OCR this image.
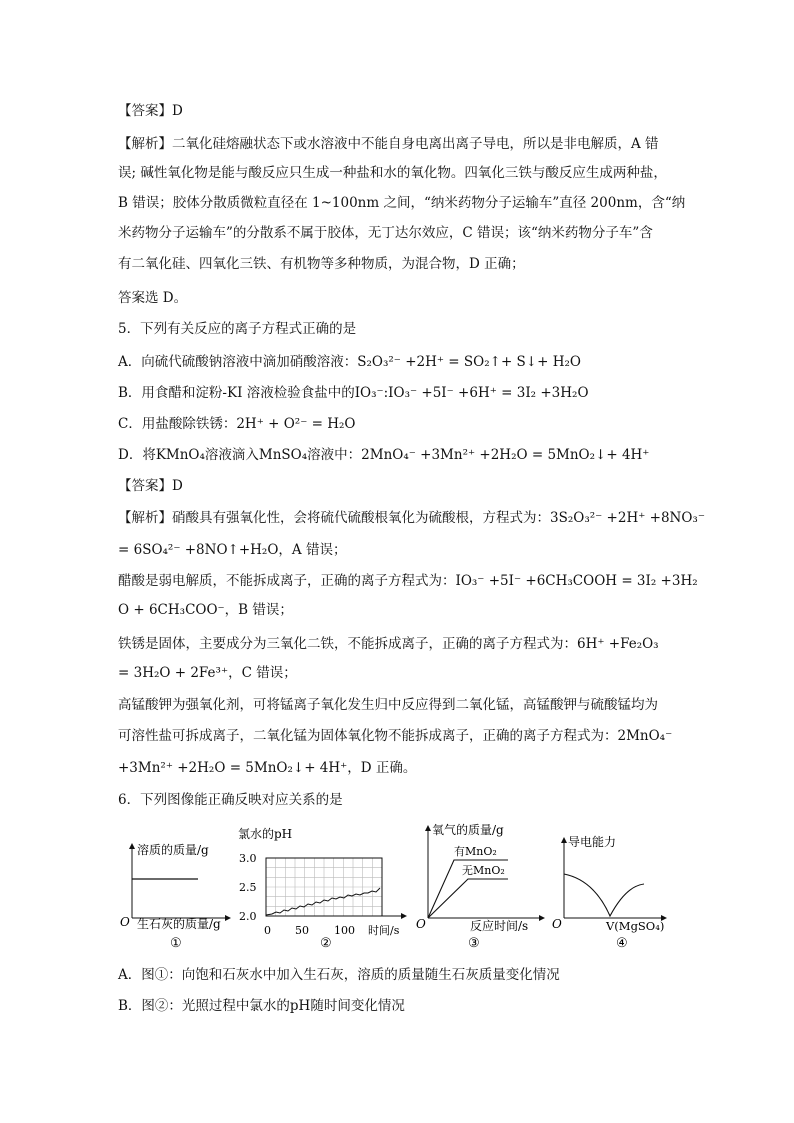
【答案】D
【解析】二氧化硅熔融状态下或水溶液中不能自身电离出离子导电，所以是非电解质，A 错
误; 碱性氧化物是能与酸反应只生成一种盐和水的氧化物。四氧化三铁与酸反应生成两种盐，
B 错误；胶体分散质微粒直径在 1~100nm 之间，“纳米药物分子运输车”直径 200nm，含“纳
米药物分子运输车”的分散系不属于胶体，无丁达尔效应，C 错误；该“纳米药物分子车”含
有二氧化硅、四氧化三铁、有机物等多种物质，为混合物，D 正确；
答案选 D。
5．下列有关反应的离子方程式正确的是
A．向硫代硫酸钠溶液中滴加硝酸溶液：S₂O₃²⁻ +2H⁺ = SO₂↑+ S↓+ H₂O
B．用食醋和淀粉-KI 溶液检验食盐中的IO₃⁻:IO₃⁻ +5I⁻ +6H⁺ = 3I₂ +3H₂O
C．用盐酸除铁锈：2H⁺ + O²⁻ = H₂O
D．将KMnO₄溶液滴入MnSO₄溶液中：2MnO₄⁻ +3Mn²⁺ +2H₂O = 5MnO₂↓+ 4H⁺
【答案】D
【解析】硝酸具有强氧化性，会将硫代硫酸根氧化为硫酸根，方程式为：3S₂O₃²⁻ +2H⁺ +8NO₃⁻
= 6SO₄²⁻ +8NO↑+H₂O，A 错误；
醋酸是弱电解质，不能拆成离子，正确的离子方程式为：IO₃⁻ +5I⁻ +6CH₃COOH = 3I₂ +3H₂
O + 6CH₃COO⁻，B 错误；
铁锈是固体，主要成分为三氧化二铁，不能拆成离子，正确的离子方程式为：6H⁺ +Fe₂O₃
= 3H₂O + 2Fe³⁺，C 错误；
高锰酸钾为强氧化剂，可将锰离子氧化发生归中反应得到二氧化锰，高锰酸钾与硫酸锰均为
可溶性盐可拆成离子，二氧化锰为固体氧化物不能拆成离子，正确的离子方程式为：2MnO₄⁻
+3Mn²⁺ +2H₂O = 5MnO₂↓+ 4H⁺，D 正确。
6．下列图像能正确反映对应关系的是
溶质的质量/g
O 生石灰的质量/g
①
氯水的pH
3.0
2.5
2.0
0 50 100 时间/s
②
氧气的质量/g
有MnO₂
无MnO₂
O	反应时间/s
③
导电能力
O	V(MgSO₄)
④
A．图①：向饱和石灰水中加入生石灰，溶质的质量随生石灰质量变化情况
B．图②：光照过程中氯水的pH随时间变化情况
